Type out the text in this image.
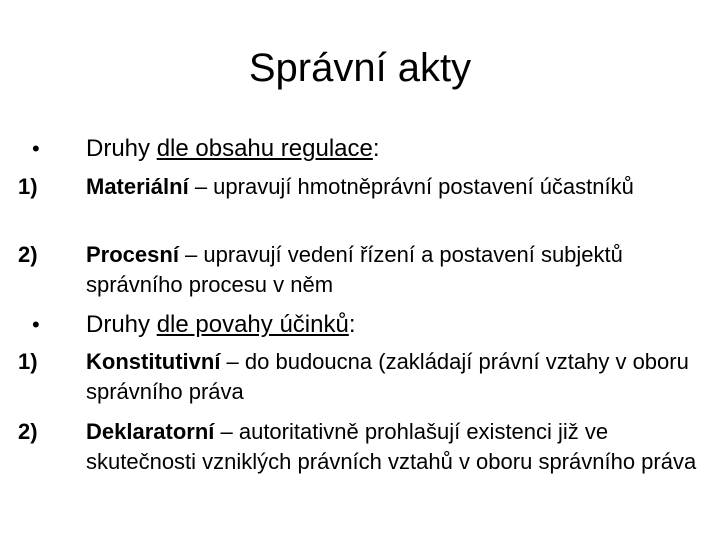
Správní akty
•	Druhy dle obsahu regulace:
1)	Materiální – upravují hmotněprávní postavení účastníků
2)	Procesní – upravují vedení řízení a postavení subjektů správního procesu v něm
•	Druhy dle povahy účinků:
1)	Konstitutivní – do budoucna (zakládají právní vztahy v oboru správního práva
2)	Deklaratorní – autoritativně prohlašují existenci již ve skutečnosti vzniklých právních vztahů v oboru správního práva
